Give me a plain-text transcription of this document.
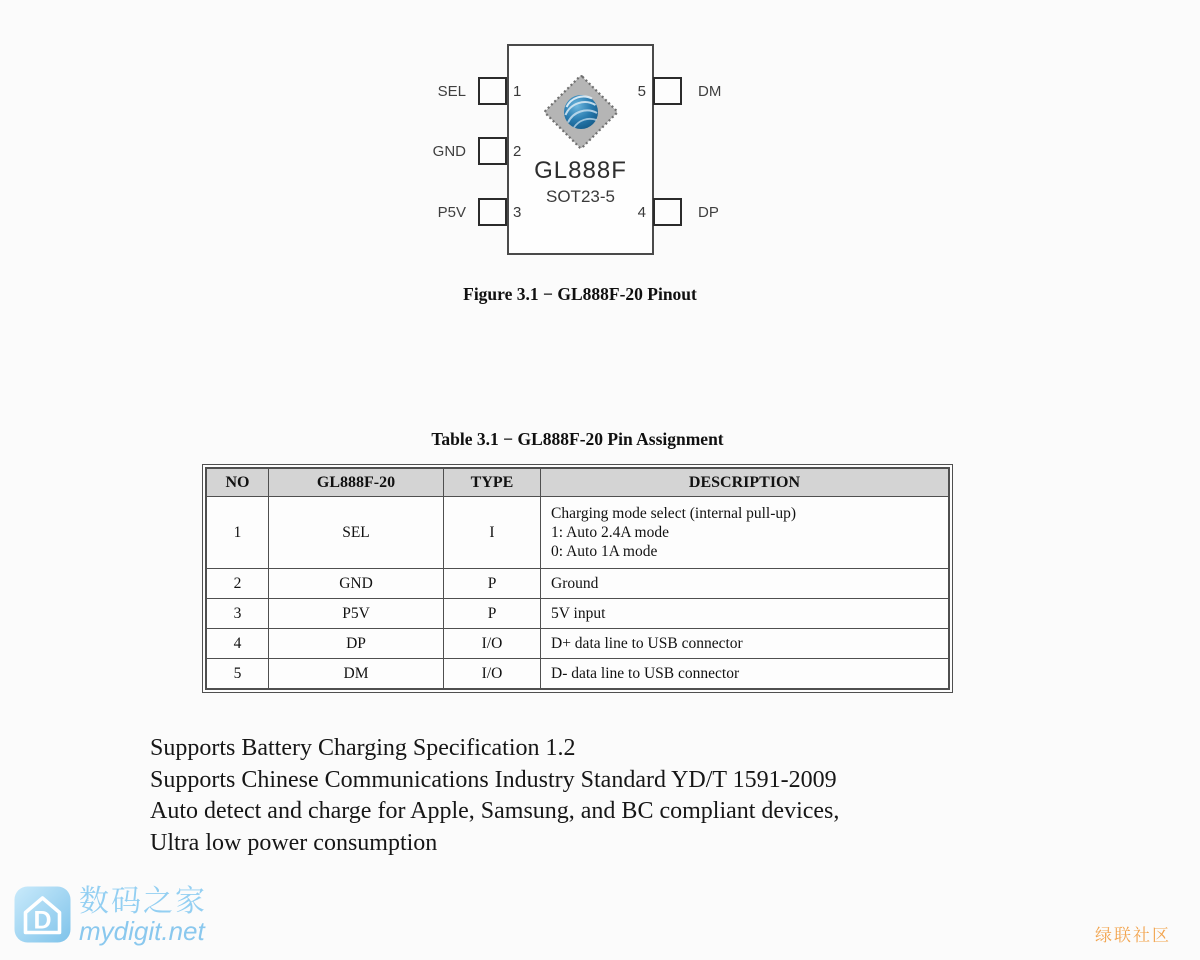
1
2
3
5
4
SEL
GND
P5V
DM
DP
GL888F
SOT23-5
Figure 3.1 − GL888F-20 Pinout
Table 3.1 − GL888F-20 Pin Assignment
NO	GL888F-20	TYPE	DESCRIPTION
1	SEL	I	Charging mode select (internal pull-up)
1: Auto 2.4A mode
0: Auto 1A mode

2	GND	P	Ground

3	P5V	P	5V input

4	DP	I/O	D+ data line to USB connector

5	DM	I/O	D- data line to USB connector
Supports Battery Charging Specification 1.2
Supports Chinese Communications Industry Standard YD/T 1591-2009
Auto detect and charge for Apple, Samsung, and BC compliant devices,
Ultra low power consumption
D
数码之家
mydigit.net	绿联社区
